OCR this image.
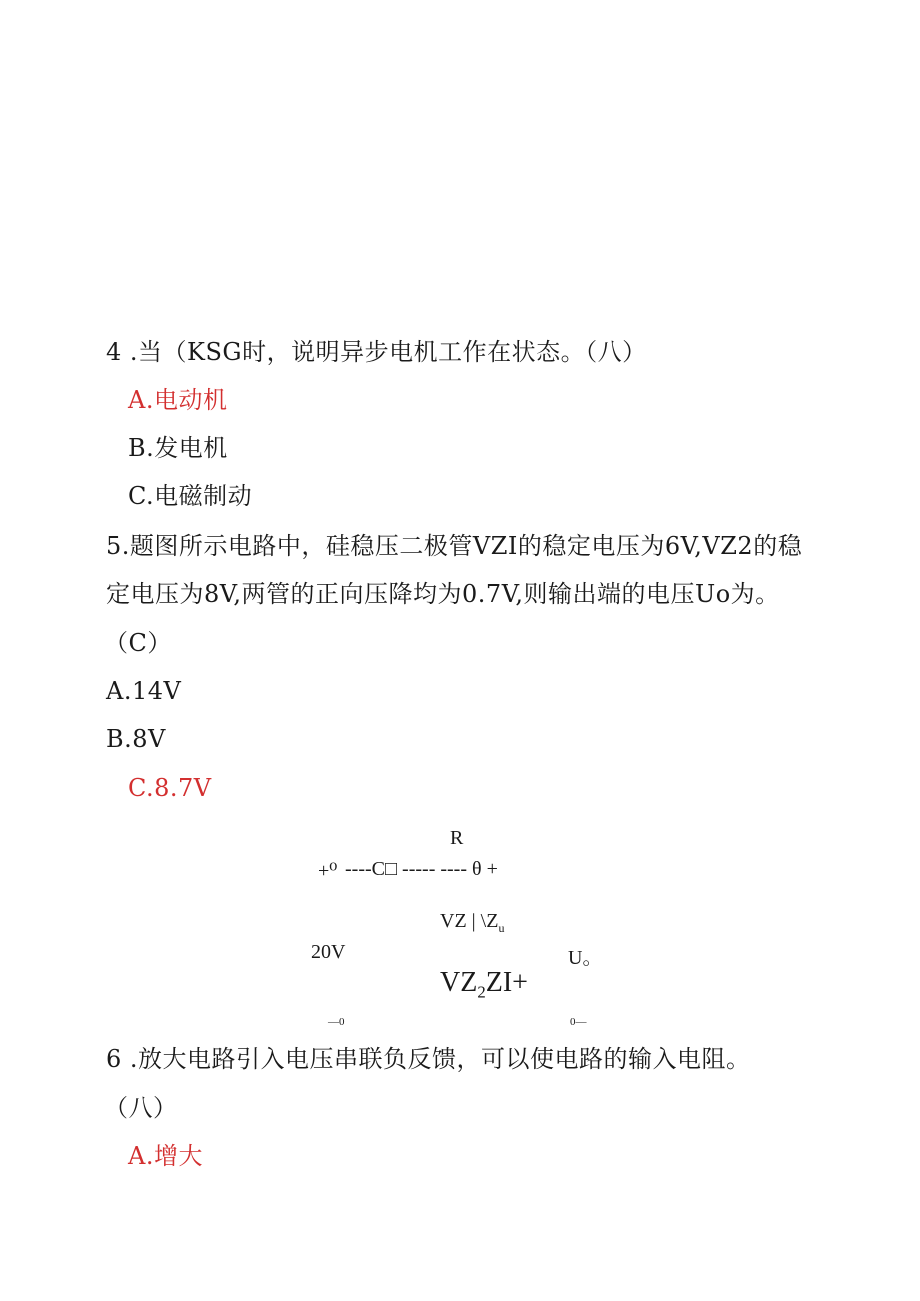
4 .当（KSG时，说明异步电机工作在状态。（八）
A.电动机
B.发电机
C.电磁制动
5.题图所示电路中，硅稳压二极管VZI的稳定电压为6V,VZ2的稳
定电压为8V,两管的正向压降均为0.7V,则输出端的电压Uo为。
（C）
A.14V
B.8V
C.8.7V
R
+⁰ ----C□ ----- ---- θ +
VZ | $\backslash Z_u$
20V	U。
$VZ_2ZI+$
—0	0—
6 .放大电路引入电压串联负反馈，可以使电路的输入电阻。
（八）
A.增大
